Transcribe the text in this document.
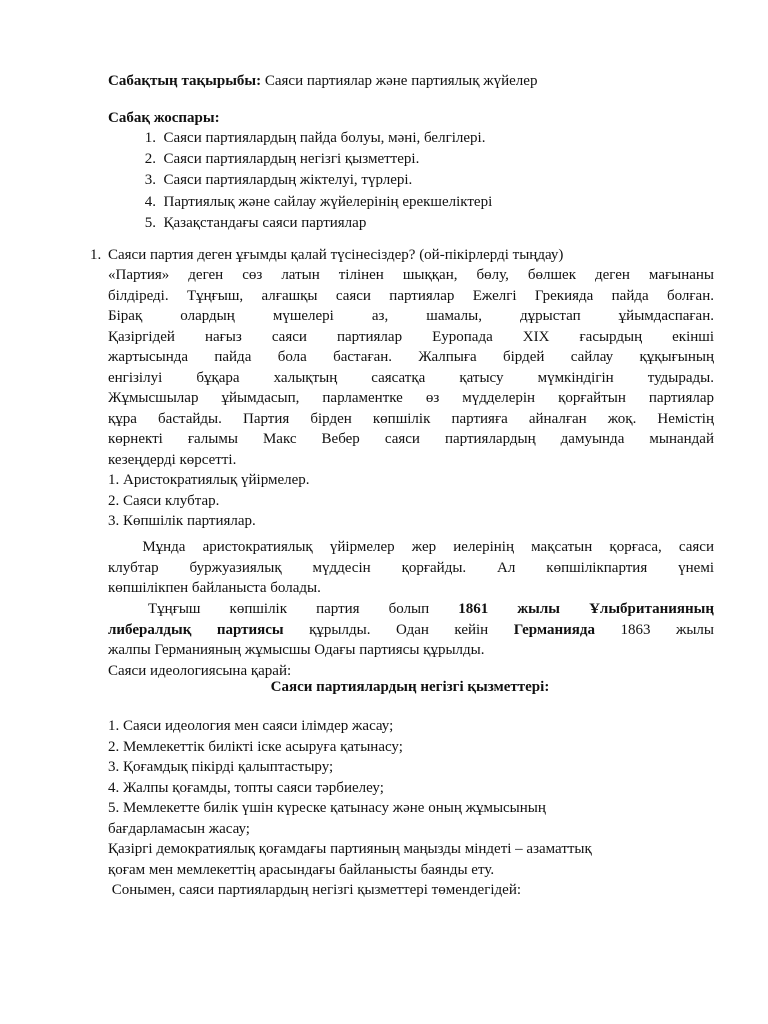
Сабақтың тақырыбы: Саяси партиялар және партиялық жүйелер
Сабақ жоспары:
1. Саяси партиялардың пайда болуы, мәні, белгілері.
2. Саяси партиялардың негізгі қызметтері.
3. Саяси партиялардың жіктелуі, түрлері.
4. Партиялық және сайлау жүйелерінің ерекшеліктері
5. Қазақстандағы саяси партиялар
1. Саяси партия деген ұғымды қалай түсінесіздер? (ой-пікірлерді тыңдау)
«Партия» деген сөз латын тілінен шыққан, бөлу, бөлшек деген мағынаны
білдіреді. Тұңғыш, алғашқы саяси партиялар Ежелгі Грекияда пайда болған.
Бірақ олардың мүшелері аз, шамалы, дұрыстап ұйымдаспаған.
Қазіргідей нағыз саяси партиялар Еуропада XIX ғасырдың екінші
жартысында пайда бола бастаған. Жалпыға бірдей сайлау құқығының
енгізілуі бұқара халықтың саясатқа қатысу мүмкіндігін тудырады.
Жұмысшылар ұйымдасып, парламентке өз мүдделерін қорғайтын партиялар
құра бастайды. Партия бірден көпшілік партияға айналған жоқ. Немістің
көрнекті ғалымы Макс Вебер саяси партиялардың дамуында мынандай
кезеңдерді көрсетті.
1. Аристократиялық үйірмелер.
2. Саяси клубтар.
3. Көпшілік партиялар.
Мұнда аристократиялық үйірмелер жер иелерінің мақсатын қорғаса, саяси
клубтар буржуазиялық мүддесін қорғайды. Ал көпшілікпартия үнемі
көпшілікпен байланыста болады.
Тұңғыш көпшілік партия болып 1861 жылы Ұлыбританияның
либералдық партиясы құрылды. Одан кейін Германияда 1863 жылы
жалпы Германияның жұмысшы Одағы партиясы құрылды.
Саяси идеологиясына қарай:
Саяси партиялардың негізгі қызметтері:
1. Саяси идеология мен саяси ілімдер жасау;
2. Мемлекеттік билікті іске асыруға қатынасу;
3. Қоғамдық пікірді қалыптастыру;
4. Жалпы қоғамды, топты саяси тәрбиелеу;
5. Мемлекетте билік үшін күреске қатынасу және оның жұмысының
бағдарламасын жасау;
Қазіргі демократиялық қоғамдағы партияның маңызды міндеті – азаматтық
қоғам мен мемлекеттің арасындағы байланысты баянды ету.
Сонымен, саяси партиялардың негізгі қызметтері төмендегідей:
